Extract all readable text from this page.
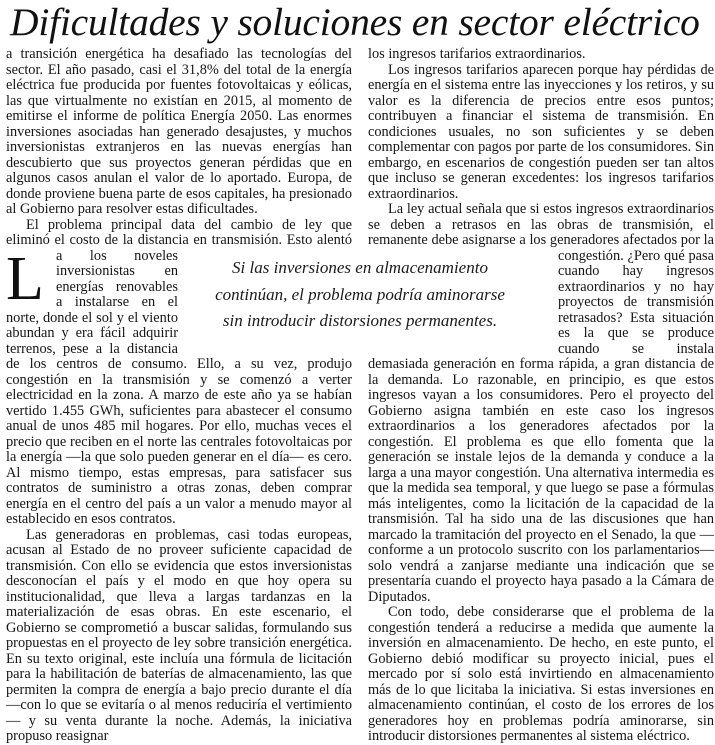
Dificultades y soluciones en sector eléctrico
L

a transición energética ha desafiado las tecnologías del sector. El año pasado, casi el 31,8% del total de la energía eléctrica fue producida por fuentes fotovoltaicas y eólicas, las que virtualmente no existían en 2015, al momento de emitirse el informe de política Energía 2050. Las enormes inversiones asociadas han generado desajustes, y muchos inversionistas extranjeros en las nuevas energías han descubierto que sus proyectos generan pérdidas que en algunos casos anulan el valor de lo aportado. Europa, de donde proviene buena parte de esos capitales, ha presionado al Gobierno para resolver estas dificultades.

El problema principal data del cambio de ley que eliminó el costo de la distancia en transmisión. Esto alentó a los noveles inversionistas en energías renovables a instalarse en el norte, donde el sol y el viento abundan y era fácil adquirir terrenos, pese a la distancia de los centros de consumo. Ello, a su vez, produjo congestión en la transmisión y se comenzó a verter electricidad en la zona. A marzo de este año ya se habían vertido 1.455 GWh, suficientes para abastecer el consumo anual de unos 485 mil hogares. Por ello, muchas veces el precio que reciben en el norte las centrales fotovoltaicas por la energía —la que solo pueden generar en el día— es cero. Al mismo tiempo, estas empresas, para satisfacer sus contratos de suministro a otras zonas, deben comprar energía en el centro del país a un valor a menudo mayor al establecido en esos contratos.

Las generadoras en problemas, casi todas europeas, acusan al Estado de no proveer suficiente capacidad de transmisión. Con ello se evidencia que estos inversionistas desconocían el país y el modo en que hoy opera su institucionalidad, que lleva a largas tardanzas en la materialización de esas obras. En este escenario, el Gobierno se comprometió a buscar salidas, formulando sus propuestas en el proyecto de ley sobre transición energética. En su texto original, este incluía una fórmula de licitación para la habilitación de baterías de almacenamiento, las que permiten la compra de energía a bajo precio durante el día —con lo que se evitaría o al menos reduciría el vertimiento— y su venta durante la noche. Además, la iniciativa propuso reasignar

los ingresos tarifarios extraordinarios.

Los ingresos tarifarios aparecen porque hay pérdidas de energía en el sistema entre las inyecciones y los retiros, y su valor es la diferencia de precios entre esos puntos; contribuyen a financiar el sistema de transmisión. En condiciones usuales, no son suficientes y se deben complementar con pagos por parte de los consumidores. Sin embargo, en escenarios de congestión pueden ser tan altos que incluso se generan excedentes: los ingresos tarifarios extraordinarios.

La ley actual señala que si estos ingresos extraordinarios se deben a retrasos en las obras de transmisión, el remanente debe asignarse a los generadores afectados por la congestión. ¿Pero qué pasa cuando hay ingresos extraordinarios y no hay proyectos de transmisión retrasados? Esta situación es la que se produce cuando se instala demasiada generación en forma rápida, a gran distancia de la demanda. Lo razonable, en principio, es que estos ingresos vayan a los consumidores. Pero el proyecto del Gobierno asigna también en este caso los ingresos extraordinarios a los generadores afectados por la congestión. El problema es que ello fomenta que la generación se instale lejos de la demanda y conduce a la larga a una mayor congestión. Una alternativa intermedia es que la medida sea temporal, y que luego se pase a fórmulas más inteligentes, como la licitación de la capacidad de la transmisión. Tal ha sido una de las discusiones que han marcado la tramitación del proyecto en el Senado, la que —conforme a un protocolo suscrito con los parlamentarios— solo vendrá a zanjarse mediante una indicación que se presentaría cuando el proyecto haya pasado a la Cámara de Diputados.

Con todo, debe considerarse que el problema de la congestión tenderá a reducirse a medida que aumente la inversión en almacenamiento. De hecho, en este punto, el Gobierno debió modificar su proyecto inicial, pues el mercado por sí solo está invirtiendo en almacenamiento más de lo que licitaba la iniciativa. Si estas inversiones en almacenamiento continúan, el costo de los errores de los generadores hoy en problemas podría aminorarse, sin introducir distorsiones permanentes al sistema eléctrico.

Si las inversiones en almacenamiento continúan, el problema podría aminorarse sin introducir distorsiones permanentes.
